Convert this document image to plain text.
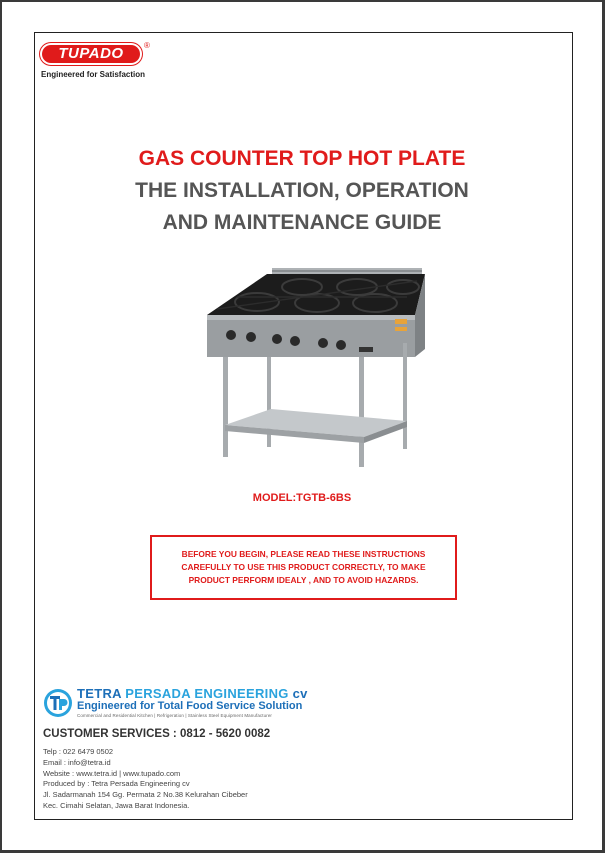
TUPADO	®
Engineered for Satisfaction
GAS COUNTER TOP HOT PLATE
THE INSTALLATION, OPERATION
AND MAINTENANCE GUIDE
MODEL:TGTB-6BS
BEFORE YOU BEGIN, PLEASE READ THESE INSTRUCTIONS CAREFULLY TO USE THIS PRODUCT CORRECTLY, TO MAKE PRODUCT PERFORM IDEALY , AND TO AVOID HAZARDS.
TETRA PERSADA ENGINEERING cv
Engineered for Total Food Service Solution
Commercial and Residential Kitchen | Refrigeration | Stainless Steel Equipment Manufacturer
CUSTOMER SERVICES : 0812 - 5620 0082
Telp : 022 6479 0502
Email : info@tetra.id
Website : www.tetra.id | www.tupado.com
Produced by : Tetra Persada Engineering cv
Jl. Sadarmanah 154 Gg. Permata 2 No.38 Kelurahan Cibeber
Kec. Cimahi Selatan, Jawa Barat Indonesia.
